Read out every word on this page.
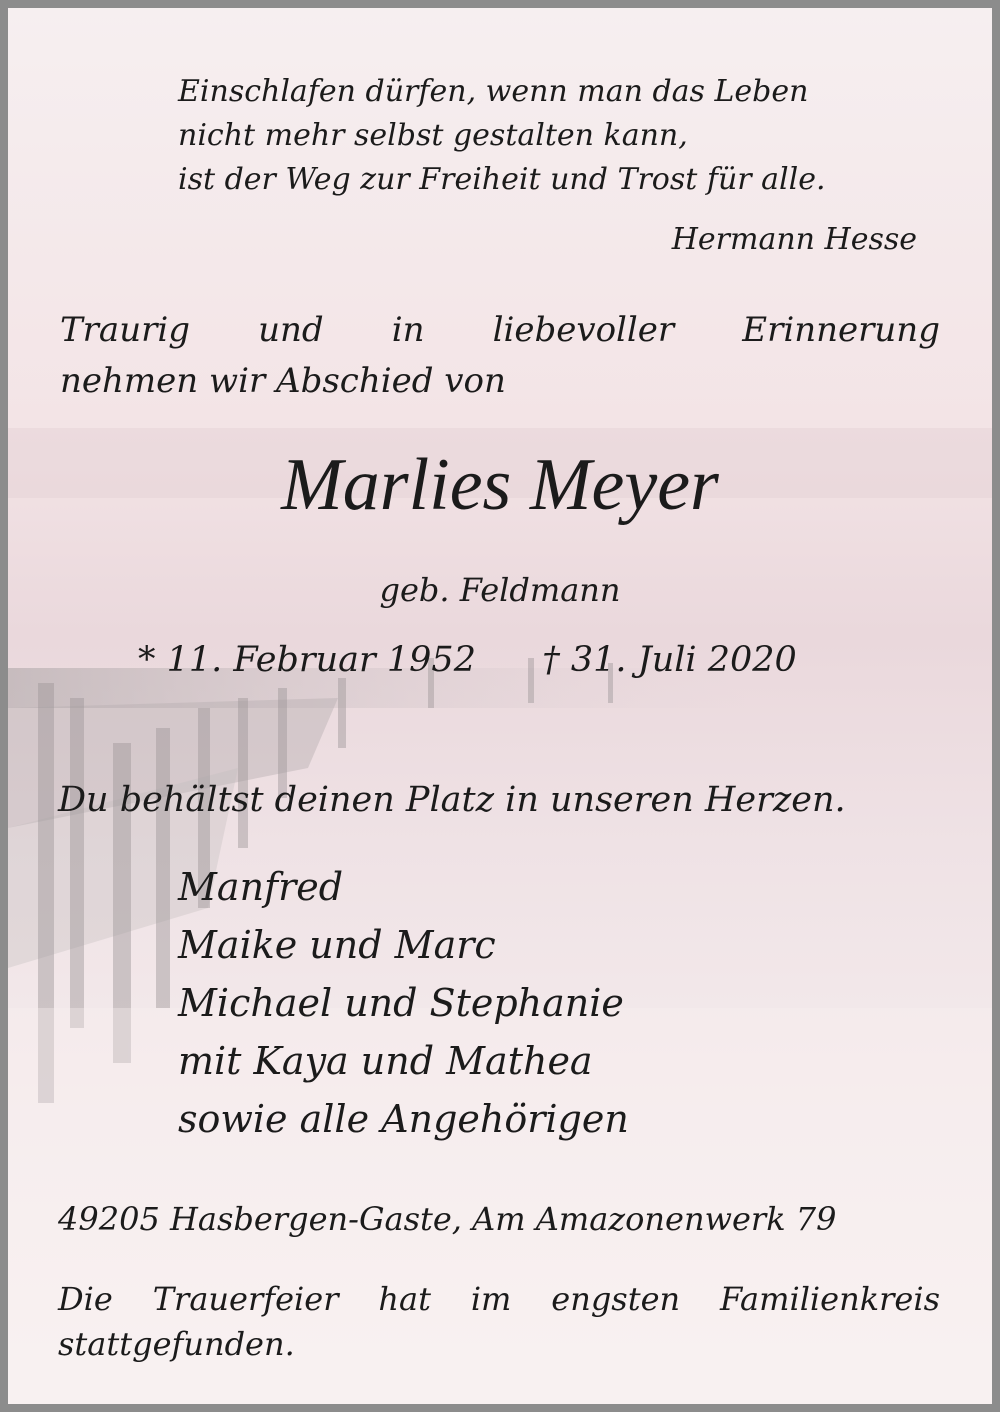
Einschlafen dürfen, wenn man das Leben
nicht mehr selbst gestalten kann,
ist der Weg zur Freiheit und Trost für alle.
Hermann Hesse
Traurig und in liebevoller Erinnerung
nehmen wir Abschied von
Marlies Meyer
geb. Feldmann
* 11. Februar 1952 † 31. Juli 2020
Du behältst deinen Platz in unseren Herzen.
Manfred
Maike und Marc
Michael und Stephanie
mit Kaya und Mathea
sowie alle Angehörigen
49205 Hasbergen-Gaste, Am Amazonenwerk 79
Die Trauerfeier hat im engsten Familienkreis
stattgefunden.
